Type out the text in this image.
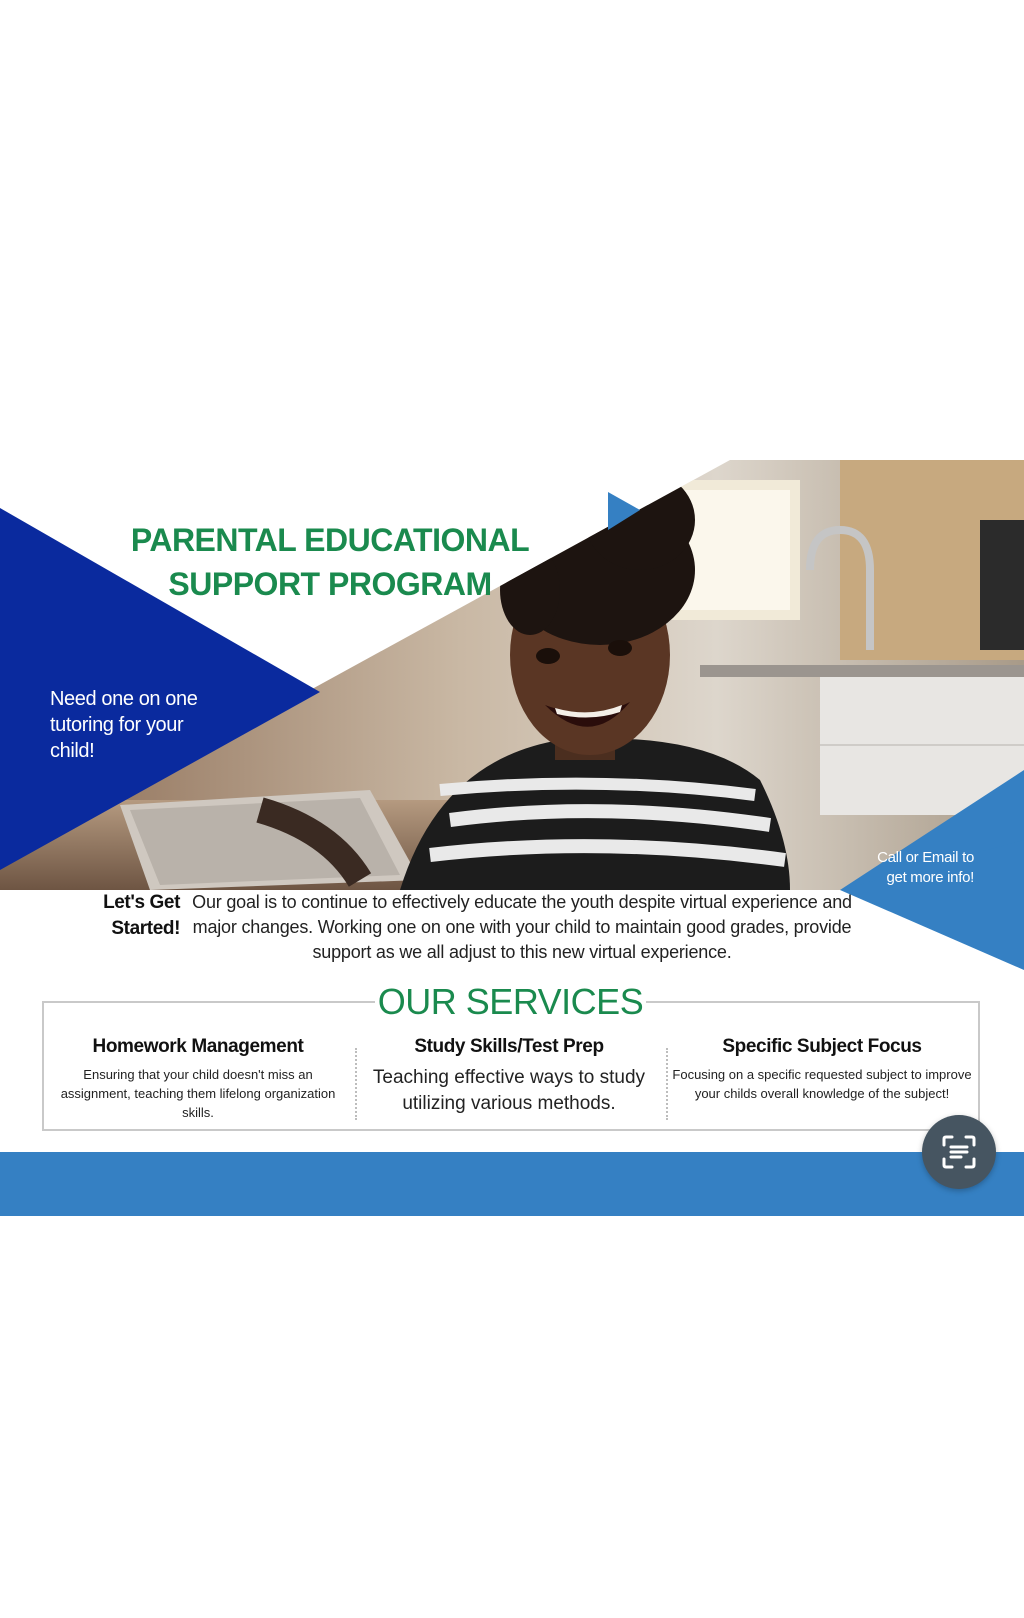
PARENTAL EDUCATIONAL
SUPPORT PROGRAM
Need one on one tutoring for your child!
Call or Email to get more info!
Let's Get Started!
Our goal is to continue to effectively educate the youth despite virtual experience and major changes. Working one on one with your child to maintain good grades, provide support as we all adjust to this new virtual experience.
OUR SERVICES
Homework Management

Ensuring that your child doesn't miss an assignment, teaching them lifelong organization skills.

Study Skills/Test Prep

Teaching effective ways to study utilizing various methods.

Specific Subject Focus

Focusing on a specific requested subject to improve your childs overall knowledge of the subject!
